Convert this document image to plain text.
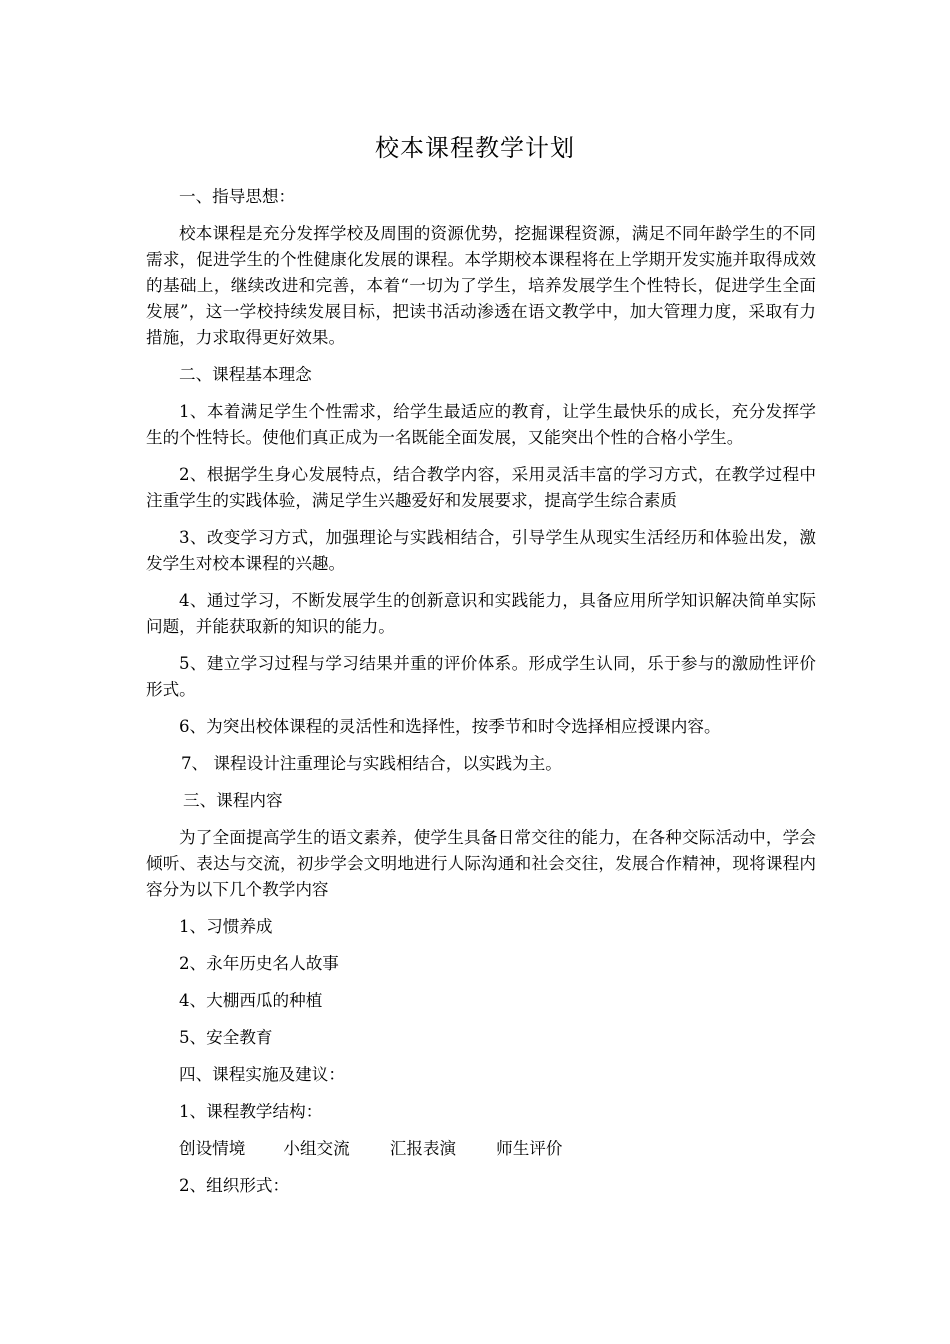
校本课程教学计划

一、指导思想：

校本课程是充分发挥学校及周围的资源优势，挖掘课程资源，满足不同年龄学生的不同需求，促进学生的个性健康化发展的课程。本学期校本课程将在上学期开发实施并取得成效的基础上，继续改进和完善，本着“一切为了学生，培养发展学生个性特长，促进学生全面发展”，这一学校持续发展目标，把读书活动渗透在语文教学中，加大管理力度，采取有力措施，力求取得更好效果。

二、课程基本理念

1、本着满足学生个性需求，给学生最适应的教育，让学生最快乐的成长，充分发挥学生的个性特长。使他们真正成为一名既能全面发展，又能突出个性的合格小学生。

2、根据学生身心发展特点，结合教学内容，采用灵活丰富的学习方式，在教学过程中注重学生的实践体验，满足学生兴趣爱好和发展要求，提高学生综合素质

3、改变学习方式，加强理论与实践相结合，引导学生从现实生活经历和体验出发，激发学生对校本课程的兴趣。

4、通过学习，不断发展学生的创新意识和实践能力，具备应用所学知识解决简单实际问题，并能获取新的知识的能力。

5、建立学习过程与学习结果并重的评价体系。形成学生认同，乐于参与的激励性评价形式。

6、为突出校体课程的灵活性和选择性，按季节和时令选择相应授课内容。

7、 课程设计注重理论与实践相结合，以实践为主。

三、课程内容

为了全面提高学生的语文素养，使学生具备日常交往的能力，在各种交际活动中，学会倾听、表达与交流，初步学会文明地进行人际沟通和社会交往，发展合作精神，现将课程内容分为以下几个教学内容

1、习惯养成

2、永年历史名人故事

4、大棚西瓜的种植

5、安全教育

四、课程实施及建议：

1、课程教学结构：

创设情境 小组交流 汇报表演 师生评价

2、组织形式：
